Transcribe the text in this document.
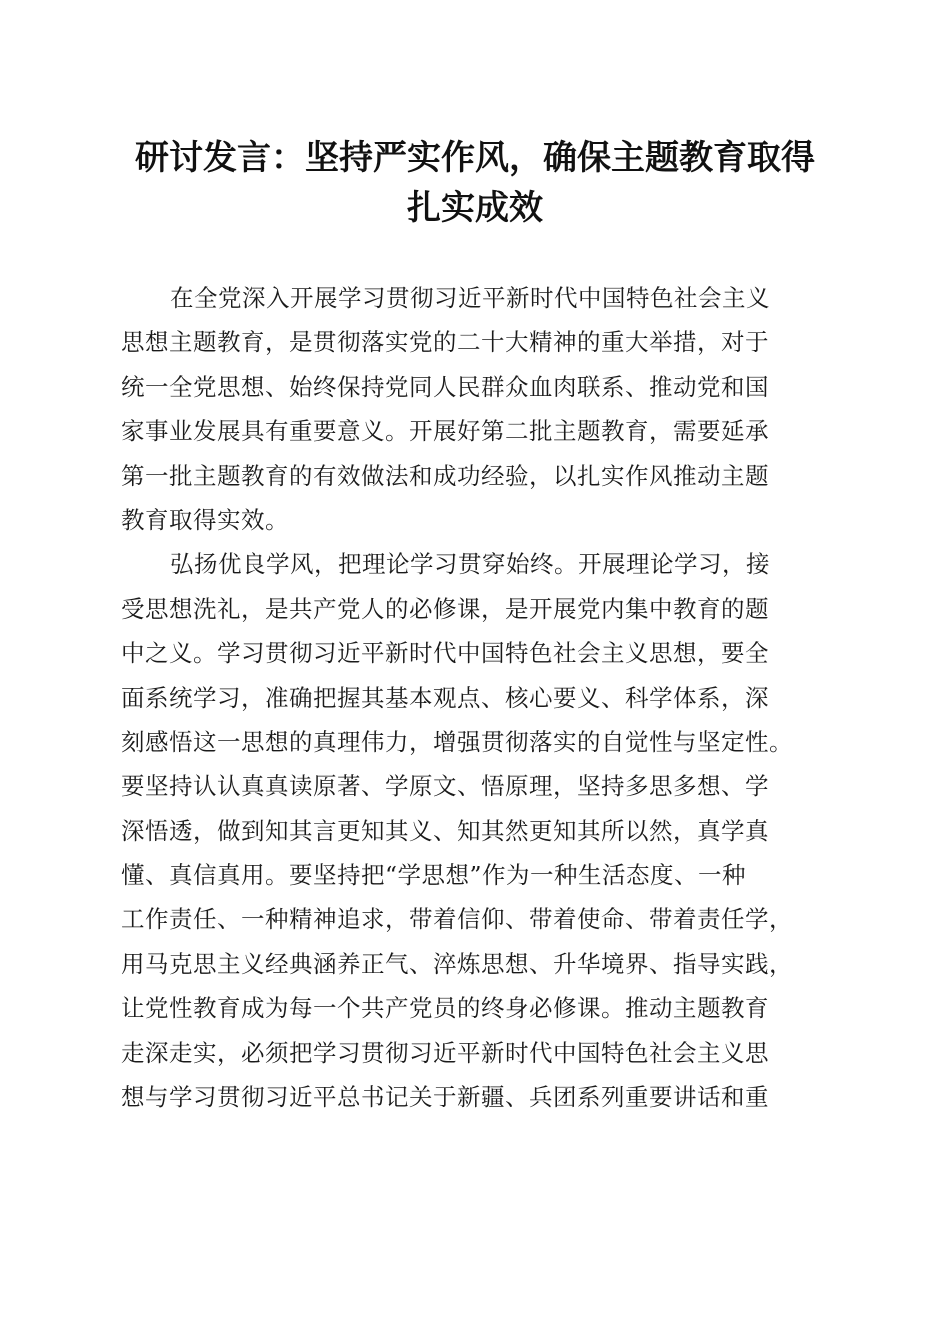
研讨发言：坚持严实作风，确保主题教育取得
扎实成效
在全党深入开展学习贯彻习近平新时代中国特色社会主义
思想主题教育，是贯彻落实党的二十大精神的重大举措，对于
统一全党思想、始终保持党同人民群众血肉联系、推动党和国
家事业发展具有重要意义。开展好第二批主题教育，需要延承
第一批主题教育的有效做法和成功经验，以扎实作风推动主题
教育取得实效。
弘扬优良学风，把理论学习贯穿始终。开展理论学习，接
受思想洗礼，是共产党人的必修课，是开展党内集中教育的题
中之义。学习贯彻习近平新时代中国特色社会主义思想，要全
面系统学习，准确把握其基本观点、核心要义、科学体系，深
刻感悟这一思想的真理伟力，增强贯彻落实的自觉性与坚定性。
要坚持认认真真读原著、学原文、悟原理，坚持多思多想、学
深悟透，做到知其言更知其义、知其然更知其所以然，真学真
懂、真信真用。要坚持把“学思想”作为一种生活态度、一种
工作责任、一种精神追求，带着信仰、带着使命、带着责任学，
用马克思主义经典涵养正气、淬炼思想、升华境界、指导实践，
让党性教育成为每一个共产党员的终身必修课。推动主题教育
走深走实，必须把学习贯彻习近平新时代中国特色社会主义思
想与学习贯彻习近平总书记关于新疆、兵团系列重要讲话和重
